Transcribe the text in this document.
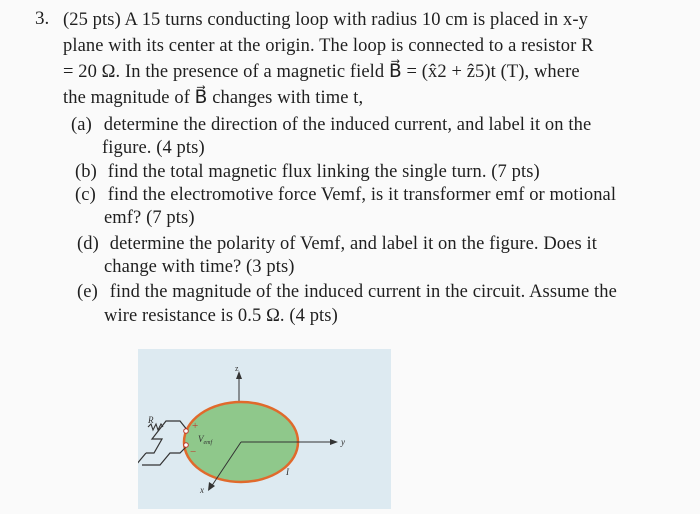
3. (25 pts) A 15 turns conducting loop with radius 10 cm is placed in x-y
plane with its center at the origin. The loop is connected to a resistor R
= 20 Ω. In the presence of a magnetic field B⃗ = (x̂2 + ẑ5)t (T), where
the magnitude of B⃗ changes with time t,
(a) determine the direction of the induced current, and label it on the
figure. (4 pts)
(b) find the total magnetic flux linking the single turn. (7 pts)
(c) find the electromotive force Vemf, is it transformer emf or motional
emf? (7 pts)
(d) determine the polarity of Vemf, and label it on the figure. Does it
change with time? (3 pts)
(e) find the magnitude of the induced current in the circuit. Assume the
wire resistance is 0.5 Ω. (4 pts)
z
y
x
I
R	+
−
$V_{emf}$
